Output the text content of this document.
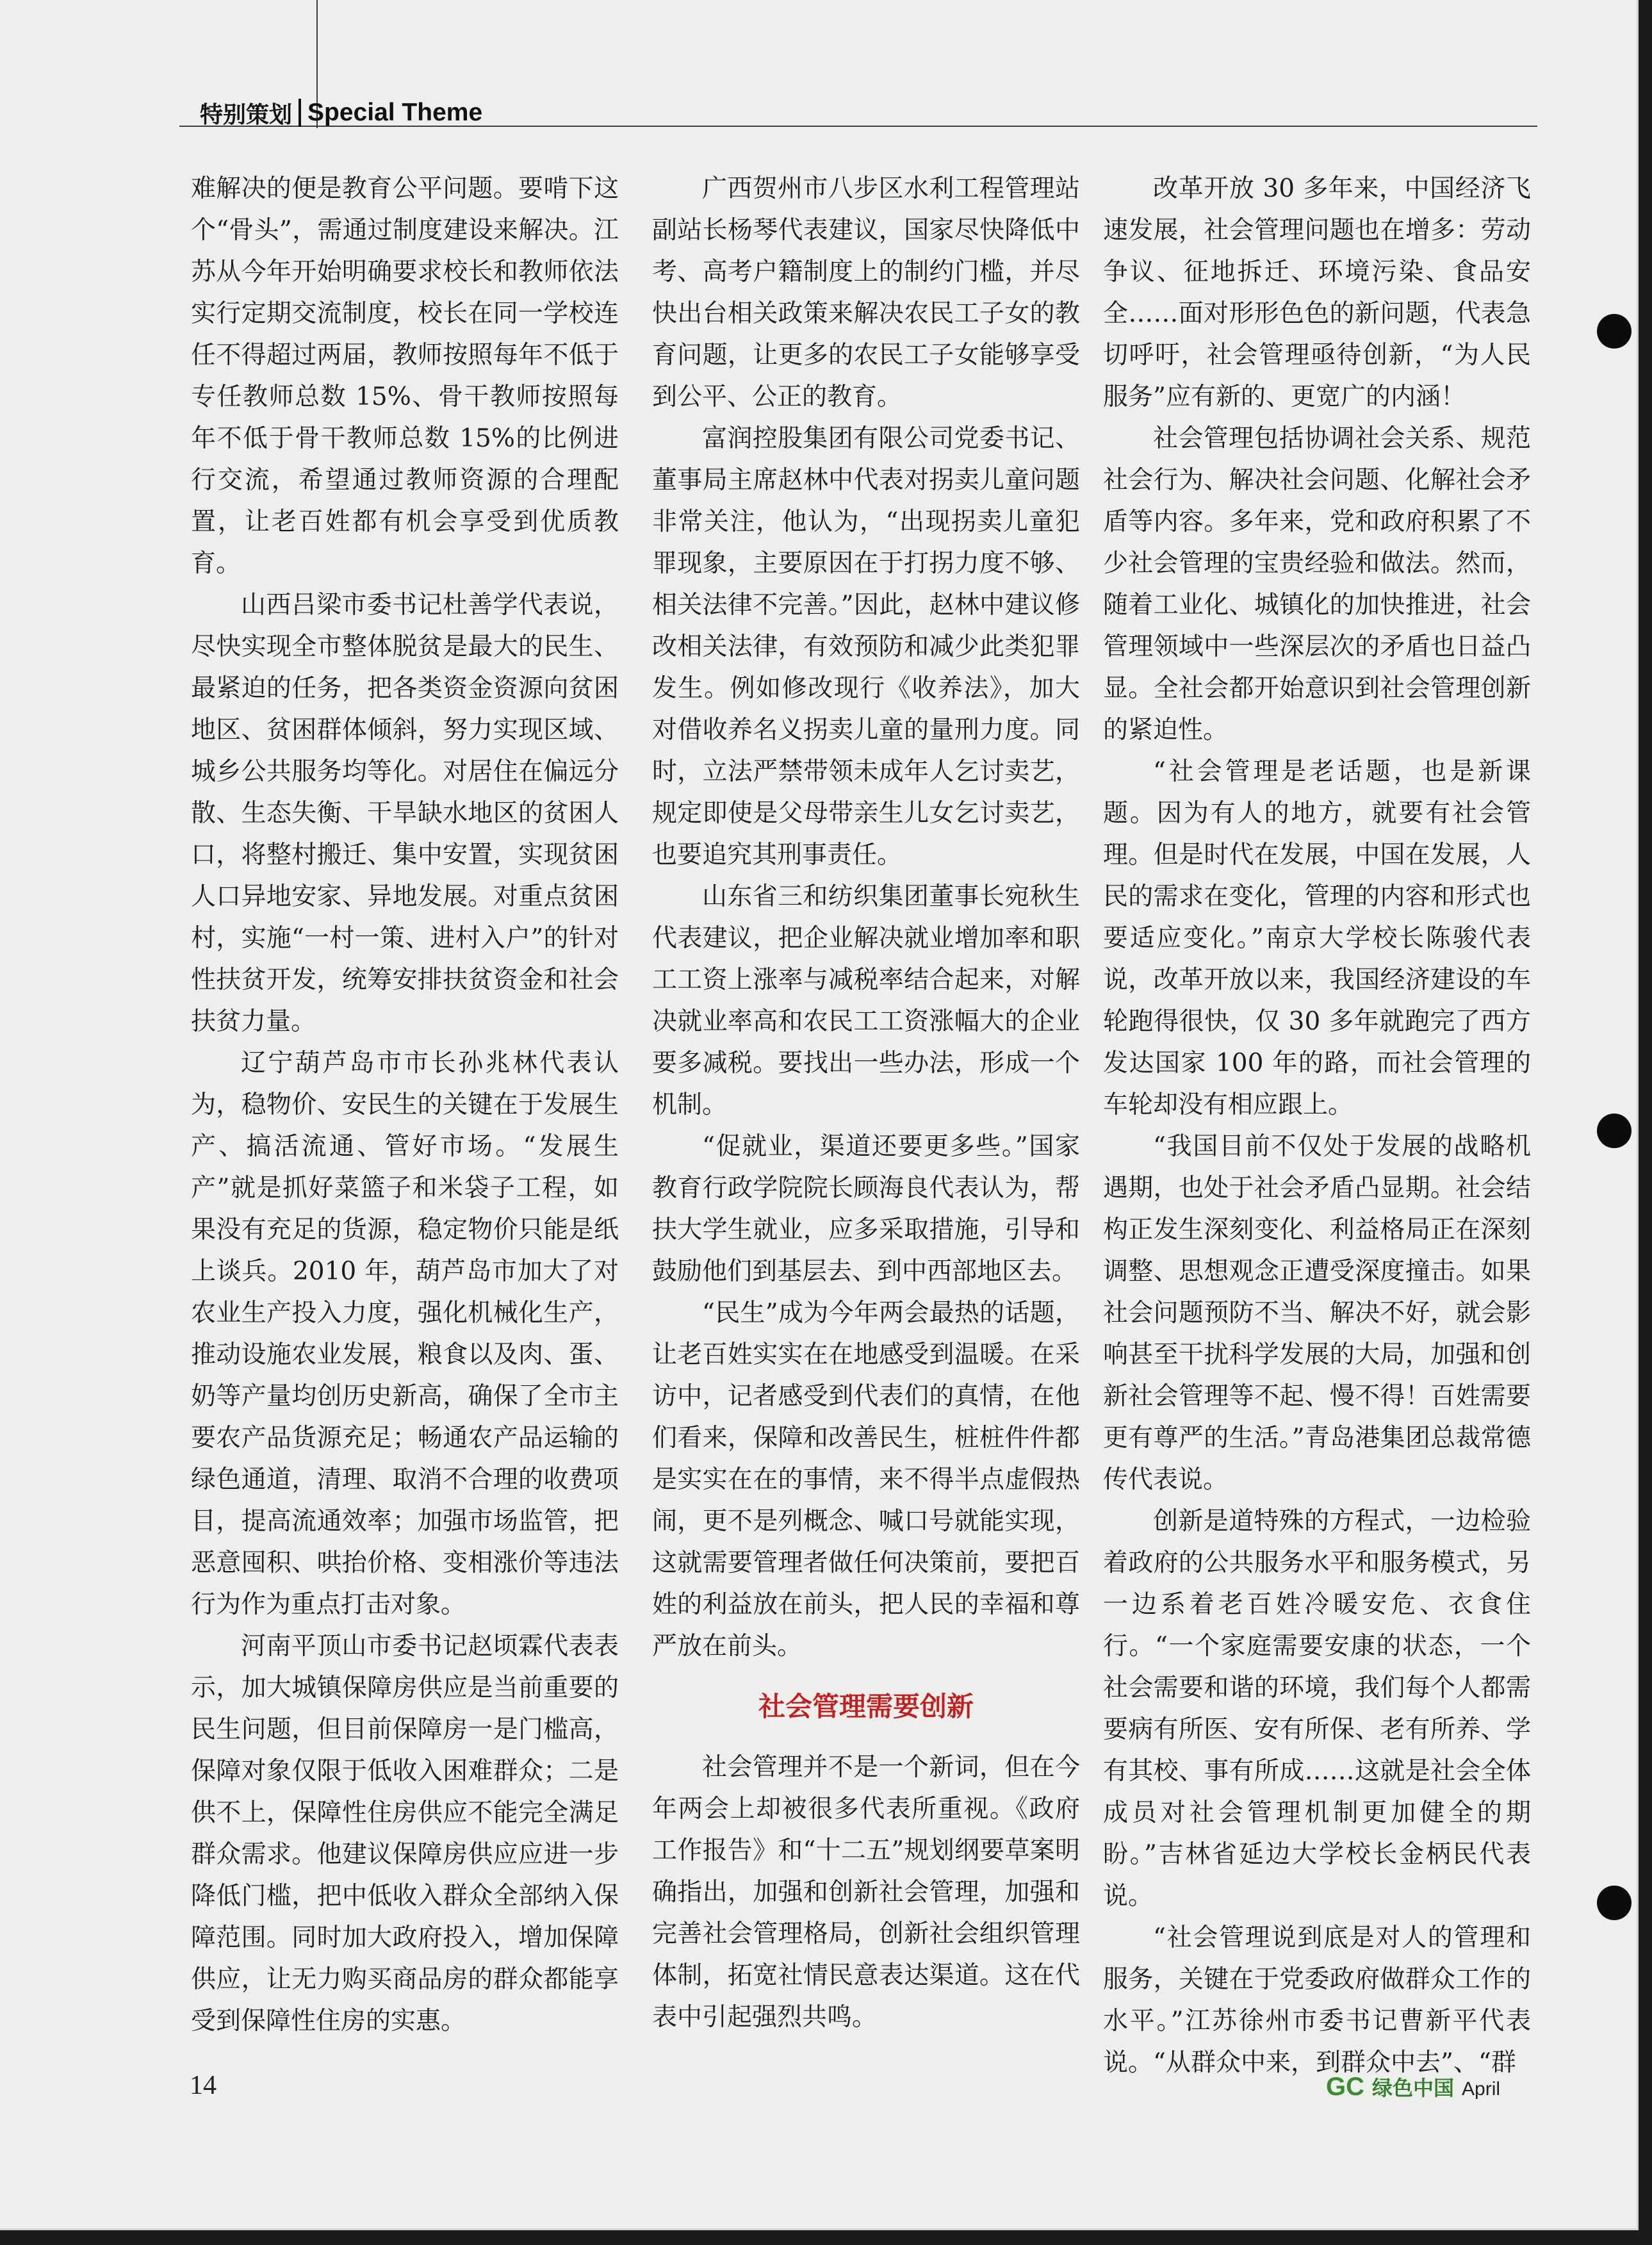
特别策划 Special Theme

难解决的便是教育公平问题。要啃下这个“骨头”，需通过制度建设来解决。江苏从今年开始明确要求校长和教师依法实行定期交流制度，校长在同一学校连任不得超过两届，教师按照每年不低于专任教师总数 15%、骨干教师按照每年不低于骨干教师总数 15%的比例进行交流，希望通过教师资源的合理配置，让老百姓都有机会享受到优质教育。

山西吕梁市委书记杜善学代表说，尽快实现全市整体脱贫是最大的民生、最紧迫的任务，把各类资金资源向贫困地区、贫困群体倾斜，努力实现区域、城乡公共服务均等化。对居住在偏远分散、生态失衡、干旱缺水地区的贫困人口，将整村搬迁、集中安置，实现贫困人口异地安家、异地发展。对重点贫困村，实施“一村一策、进村入户”的针对性扶贫开发，统筹安排扶贫资金和社会扶贫力量。

辽宁葫芦岛市市长孙兆林代表认为，稳物价、安民生的关键在于发展生产、搞活流通、管好市场。“发展生产”就是抓好菜篮子和米袋子工程，如果没有充足的货源，稳定物价只能是纸上谈兵。2010 年，葫芦岛市加大了对农业生产投入力度，强化机械化生产，推动设施农业发展，粮食以及肉、蛋、奶等产量均创历史新高，确保了全市主要农产品货源充足；畅通农产品运输的绿色通道，清理、取消不合理的收费项目，提高流通效率；加强市场监管，把恶意囤积、哄抬价格、变相涨价等违法行为作为重点打击对象。

河南平顶山市委书记赵顷霖代表表示，加大城镇保障房供应是当前重要的民生问题，但目前保障房一是门槛高，保障对象仅限于低收入困难群众；二是供不上，保障性住房供应不能完全满足群众需求。他建议保障房供应应进一步降低门槛，把中低收入群众全部纳入保障范围。同时加大政府投入，增加保障供应，让无力购买商品房的群众都能享受到保障性住房的实惠。

广西贺州市八步区水利工程管理站副站长杨琴代表建议，国家尽快降低中考、高考户籍制度上的制约门槛，并尽快出台相关政策来解决农民工子女的教育问题，让更多的农民工子女能够享受到公平、公正的教育。

富润控股集团有限公司党委书记、董事局主席赵林中代表对拐卖儿童问题非常关注，他认为，“出现拐卖儿童犯罪现象，主要原因在于打拐力度不够、相关法律不完善。”因此，赵林中建议修改相关法律，有效预防和减少此类犯罪发生。例如修改现行《收养法》，加大对借收养名义拐卖儿童的量刑力度。同时，立法严禁带领未成年人乞讨卖艺，规定即使是父母带亲生儿女乞讨卖艺，也要追究其刑事责任。

山东省三和纺织集团董事长宛秋生代表建议，把企业解决就业增加率和职工工资上涨率与减税率结合起来，对解决就业率高和农民工工资涨幅大的企业要多减税。要找出一些办法，形成一个机制。

“促就业，渠道还要更多些。”国家教育行政学院院长顾海良代表认为，帮扶大学生就业，应多采取措施，引导和鼓励他们到基层去、到中西部地区去。

“民生”成为今年两会最热的话题，让老百姓实实在在地感受到温暖。在采访中，记者感受到代表们的真情，在他们看来，保障和改善民生，桩桩件件都是实实在在的事情，来不得半点虚假热闹，更不是列概念、喊口号就能实现，这就需要管理者做任何决策前，要把百姓的利益放在前头，把人民的幸福和尊严放在前头。

社会管理需要创新

社会管理并不是一个新词，但在今年两会上却被很多代表所重视。《政府工作报告》和“十二五”规划纲要草案明确指出，加强和创新社会管理，加强和完善社会管理格局，创新社会组织管理体制，拓宽社情民意表达渠道。这在代表中引起强烈共鸣。

改革开放 30 多年来，中国经济飞速发展，社会管理问题也在增多：劳动争议、征地拆迁、环境污染、食品安全……面对形形色色的新问题，代表急切呼吁，社会管理亟待创新，“为人民服务”应有新的、更宽广的内涵！

社会管理包括协调社会关系、规范社会行为、解决社会问题、化解社会矛盾等内容。多年来，党和政府积累了不少社会管理的宝贵经验和做法。然而，随着工业化、城镇化的加快推进，社会管理领域中一些深层次的矛盾也日益凸显。全社会都开始意识到社会管理创新的紧迫性。

“社会管理是老话题，也是新课题。因为有人的地方，就要有社会管理。但是时代在发展，中国在发展，人民的需求在变化，管理的内容和形式也要适应变化。”南京大学校长陈骏代表说，改革开放以来，我国经济建设的车轮跑得很快，仅 30 多年就跑完了西方发达国家 100 年的路，而社会管理的车轮却没有相应跟上。

“我国目前不仅处于发展的战略机遇期，也处于社会矛盾凸显期。社会结构正发生深刻变化、利益格局正在深刻调整、思想观念正遭受深度撞击。如果社会问题预防不当、解决不好，就会影响甚至干扰科学发展的大局，加强和创新社会管理等不起、慢不得！百姓需要更有尊严的生活。”青岛港集团总裁常德传代表说。

创新是道特殊的方程式，一边检验着政府的公共服务水平和服务模式，另一边系着老百姓冷暖安危、衣食住行。“一个家庭需要安康的状态，一个社会需要和谐的环境，我们每个人都需要病有所医、安有所保、老有所养、学有其校、事有所成……这就是社会全体成员对社会管理机制更加健全的期盼。”吉林省延边大学校长金柄民代表说。

“社会管理说到底是对人的管理和服务，关键在于党委政府做群众工作的水平。”江苏徐州市委书记曹新平代表说。“从群众中来，到群众中去”、“群

14	GC 绿色中国 April
